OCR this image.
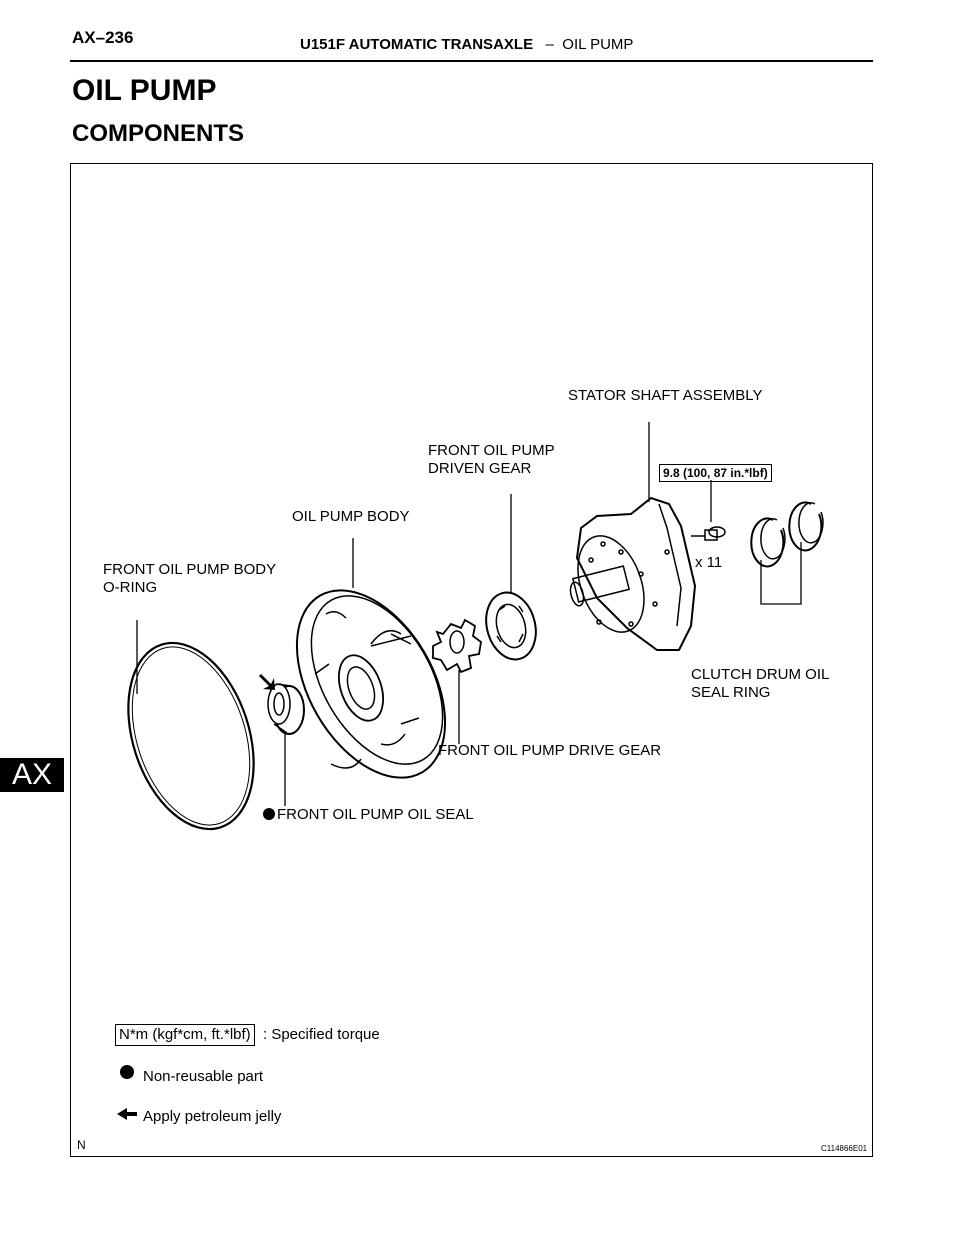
AX–236	U151F AUTOMATIC TRANSAXLE – OIL PUMP
OIL PUMP
COMPONENTS
AX
STATOR SHAFT ASSEMBLY
FRONT OIL PUMP
DRIVEN GEAR
OIL PUMP BODY
FRONT OIL PUMP BODY
O-RING
FRONT OIL PUMP DRIVE GEAR
FRONT OIL PUMP OIL SEAL
CLUTCH DRUM OIL
SEAL RING
x 11
9.8 (100, 87 in.*lbf)
N*m (kgf*cm, ft.*lbf) : Specified torque
Non-reusable part
Apply petroleum jelly
N	C114866E01
